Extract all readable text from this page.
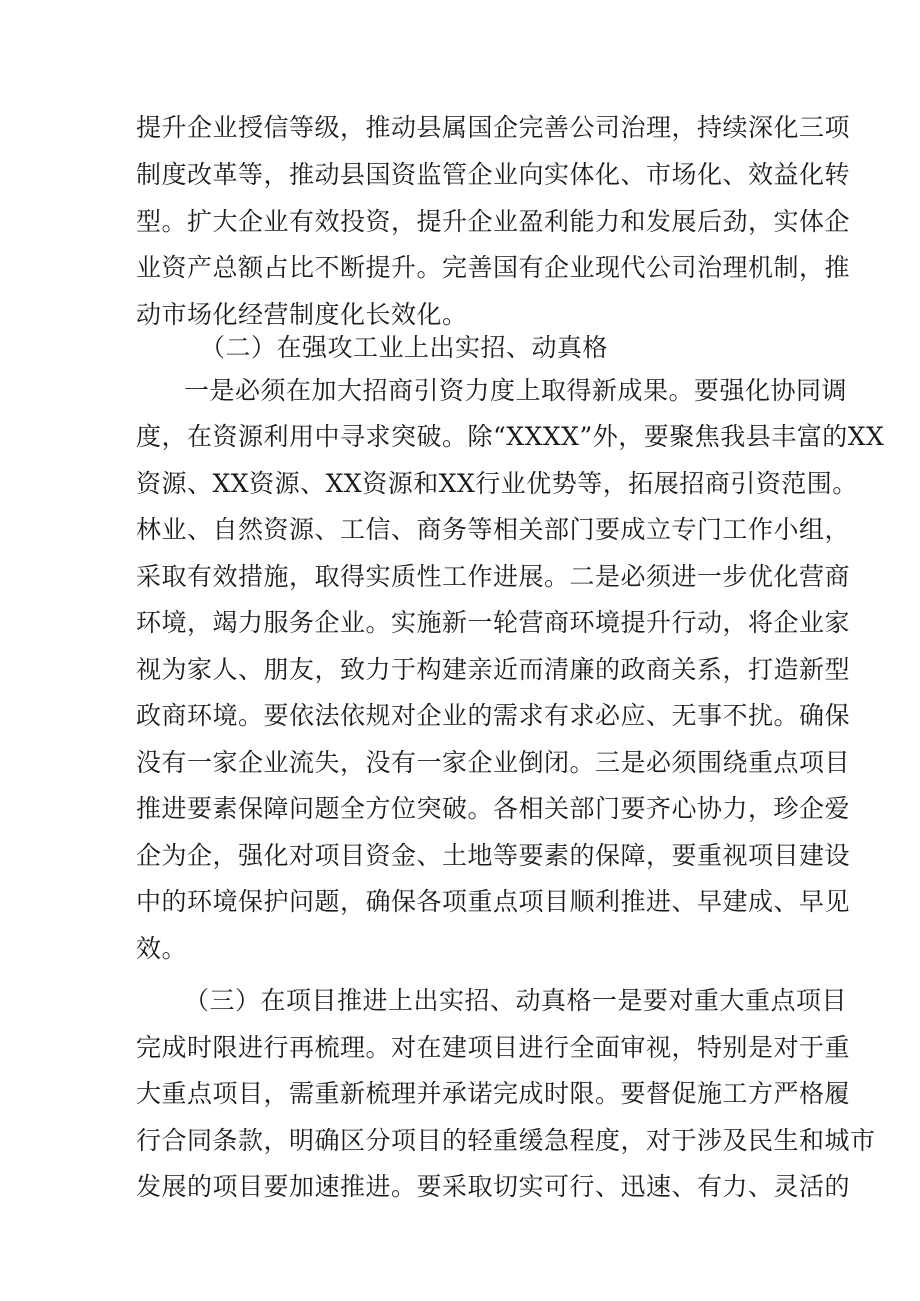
提升企业授信等级，推动县属国企完善公司治理，持续深化三项
制度改革等，推动县国资监管企业向实体化、市场化、效益化转
型。扩大企业有效投资，提升企业盈利能力和发展后劲，实体企
业资产总额占比不断提升。完善国有企业现代公司治理机制，推
动市场化经营制度化长效化。
（二）在强攻工业上出实招、动真格
一是必须在加大招商引资力度上取得新成果。要强化协同调
度，在资源利用中寻求突破。除“XXXX”外，要聚焦我县丰富的XX
资源、XX资源、XX资源和XX行业优势等，拓展招商引资范围。
林业、自然资源、工信、商务等相关部门要成立专门工作小组，
采取有效措施，取得实质性工作进展。二是必须进一步优化营商
环境，竭力服务企业。实施新一轮营商环境提升行动，将企业家
视为家人、朋友，致力于构建亲近而清廉的政商关系，打造新型
政商环境。要依法依规对企业的需求有求必应、无事不扰。确保
没有一家企业流失，没有一家企业倒闭。三是必须围绕重点项目
推进要素保障问题全方位突破。各相关部门要齐心协力，珍企爱
企为企，强化对项目资金、土地等要素的保障，要重视项目建设
中的环境保护问题，确保各项重点项目顺利推进、早建成、早见
效。
（三）在项目推进上出实招、动真格一是要对重大重点项目
完成时限进行再梳理。对在建项目进行全面审视，特别是对于重
大重点项目，需重新梳理并承诺完成时限。要督促施工方严格履
行合同条款，明确区分项目的轻重缓急程度，对于涉及民生和城市
发展的项目要加速推进。要采取切实可行、迅速、有力、灵活的
